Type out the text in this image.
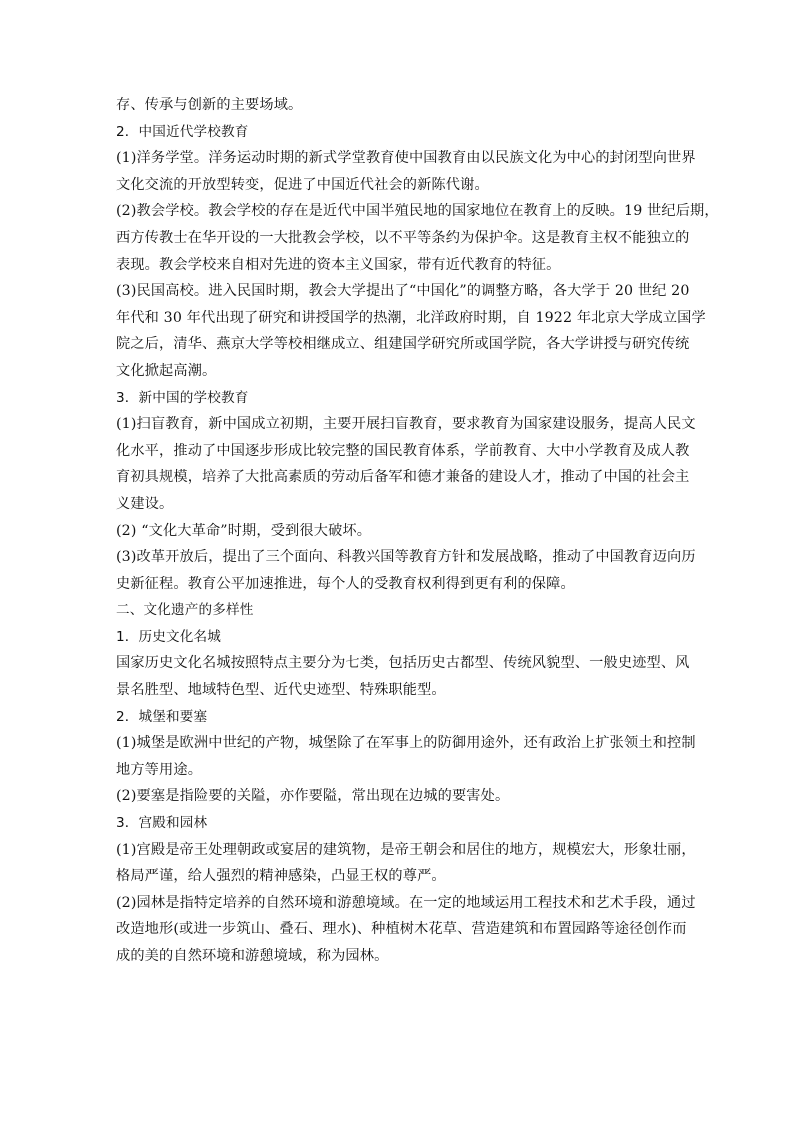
存、传承与创新的主要场域。
2．中国近代学校教育
(1)洋务学堂。洋务运动时期的新式学堂教育使中国教育由以民族文化为中心的封闭型向世界
文化交流的开放型转变，促进了中国近代社会的新陈代谢。
(2)教会学校。教会学校的存在是近代中国半殖民地的国家地位在教育上的反映。19 世纪后期，
西方传教士在华开设的一大批教会学校，以不平等条约为保护伞。这是教育主权不能独立的
表现。教会学校来自相对先进的资本主义国家，带有近代教育的特征。
(3)民国高校。进入民国时期，教会大学提出了“中国化”的调整方略，各大学于 20 世纪 20
年代和 30 年代出现了研究和讲授国学的热潮，北洋政府时期，自 1922 年北京大学成立国学
院之后，清华、燕京大学等校相继成立、组建国学研究所或国学院，各大学讲授与研究传统
文化掀起高潮。
3．新中国的学校教育
(1)扫盲教育，新中国成立初期，主要开展扫盲教育，要求教育为国家建设服务，提高人民文
化水平，推动了中国逐步形成比较完整的国民教育体系，学前教育、大中小学教育及成人教
育初具规模，培养了大批高素质的劳动后备军和德才兼备的建设人才，推动了中国的社会主
义建设。
(2) “文化大革命”时期，受到很大破坏。
(3)改革开放后，提出了三个面向、科教兴国等教育方针和发展战略，推动了中国教育迈向历
史新征程。教育公平加速推进，每个人的受教育权利得到更有利的保障。
二、文化遗产的多样性
1．历史文化名城
国家历史文化名城按照特点主要分为七类，包括历史古都型、传统风貌型、一般史迹型、风
景名胜型、地域特色型、近代史迹型、特殊职能型。
2．城堡和要塞
(1)城堡是欧洲中世纪的产物，城堡除了在军事上的防御用途外，还有政治上扩张领土和控制
地方等用途。
(2)要塞是指险要的关隘，亦作要隘，常出现在边城的要害处。
3．宫殿和园林
(1)宫殿是帝王处理朝政或宴居的建筑物，是帝王朝会和居住的地方，规模宏大，形象壮丽，
格局严谨，给人强烈的精神感染，凸显王权的尊严。
(2)园林是指特定培养的自然环境和游憩境域。在一定的地域运用工程技术和艺术手段，通过
改造地形(或进一步筑山、叠石、理水)、种植树木花草、营造建筑和布置园路等途径创作而
成的美的自然环境和游憩境域，称为园林。
